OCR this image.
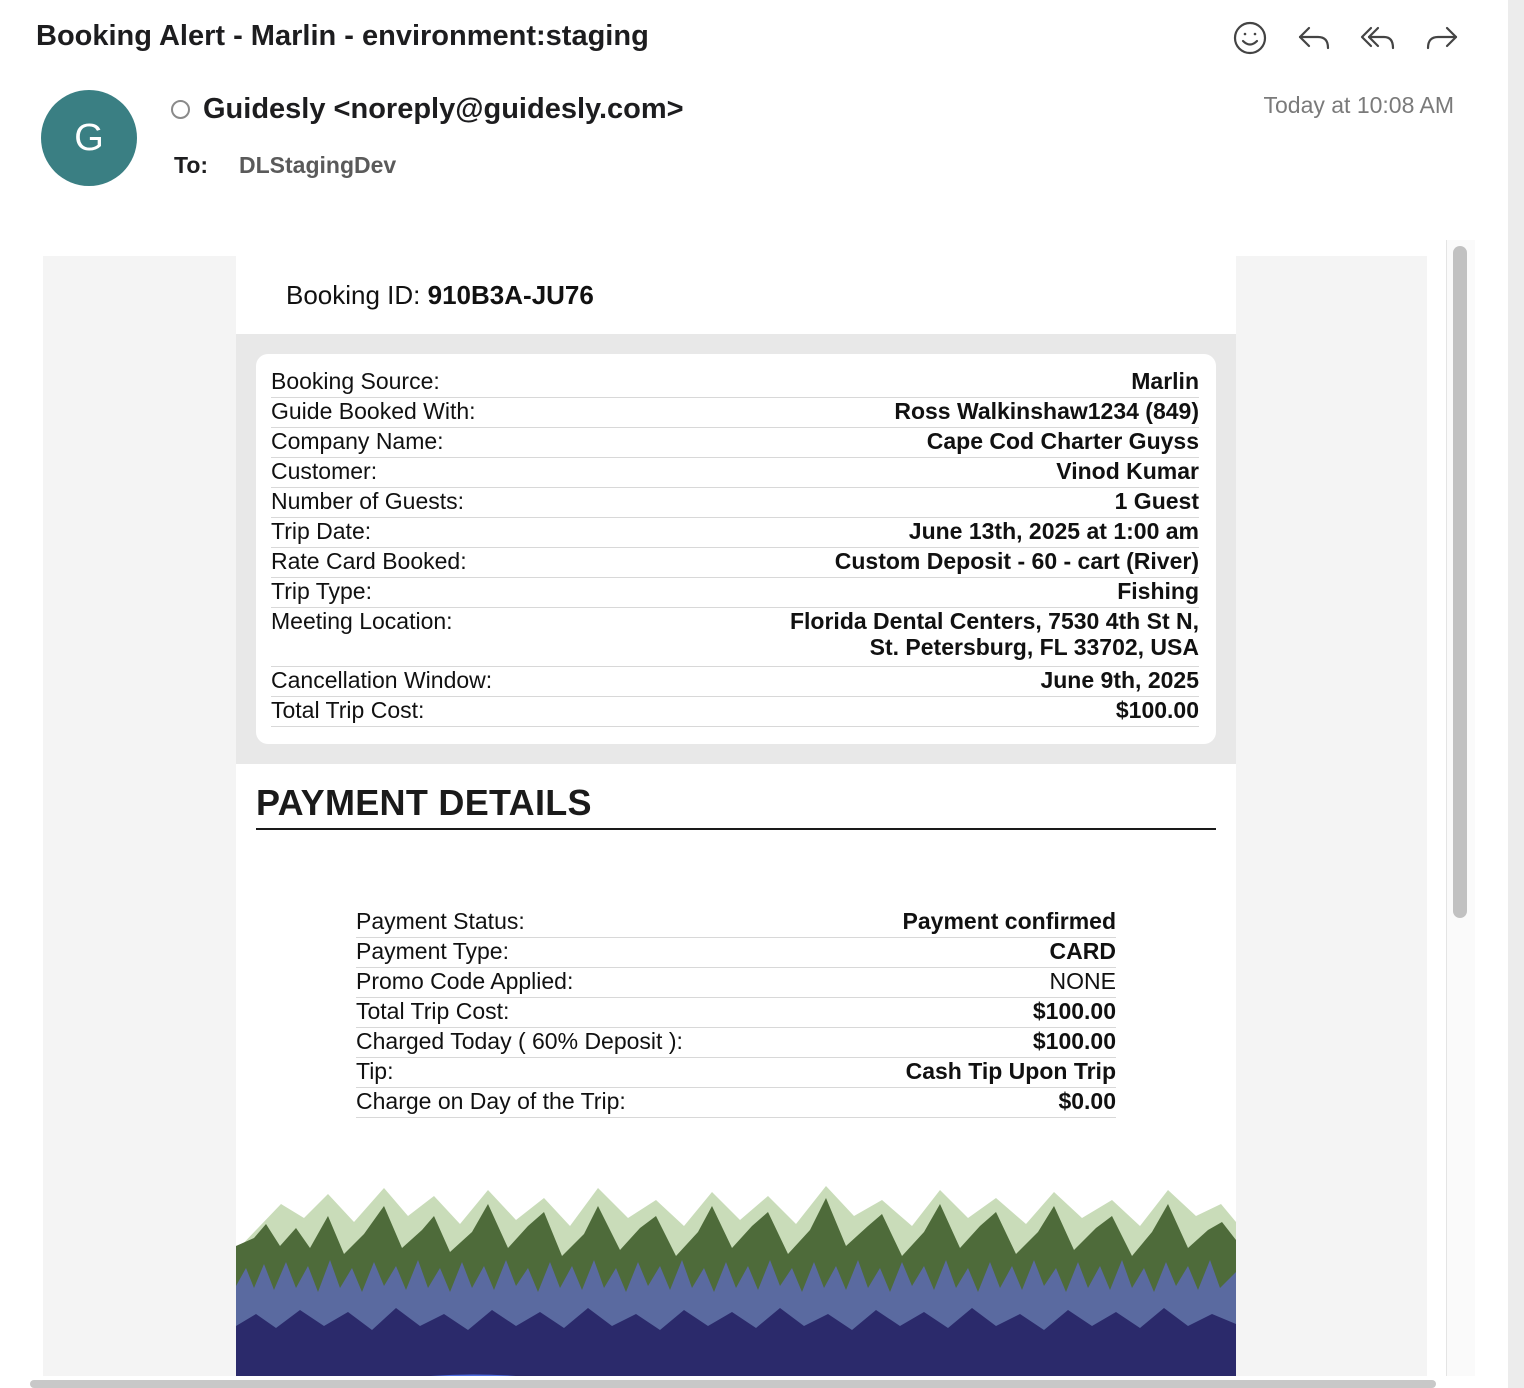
Booking Alert - Marlin - environment:staging
G
Guidesly <noreply@guidesly.com>
To: DLStagingDev
Today at 10:08 AM
Booking ID: 910B3A-JU76
Booking Source:	Marlin
Guide Booked With:	Ross Walkinshaw1234 (849)
Company Name:	Cape Cod Charter Guyss
Customer:	Vinod Kumar
Number of Guests:	1 Guest
Trip Date:	June 13th, 2025 at 1:00 am
Rate Card Booked:	Custom Deposit - 60 - cart (River)
Trip Type:	Fishing
Meeting Location:	Florida Dental Centers, 7530 4th St N,
St. Petersburg, FL 33702, USA

Cancellation Window:	June 9th, 2025
Total Trip Cost:	$100.00
PAYMENT DETAILS
Payment Status:	Payment confirmed
Payment Type:	CARD
Promo Code Applied:	NONE
Total Trip Cost:	$100.00
Charged Today ( 60% Deposit ):	$100.00
Tip:	Cash Tip Upon Trip
Charge on Day of the Trip:	$0.00
